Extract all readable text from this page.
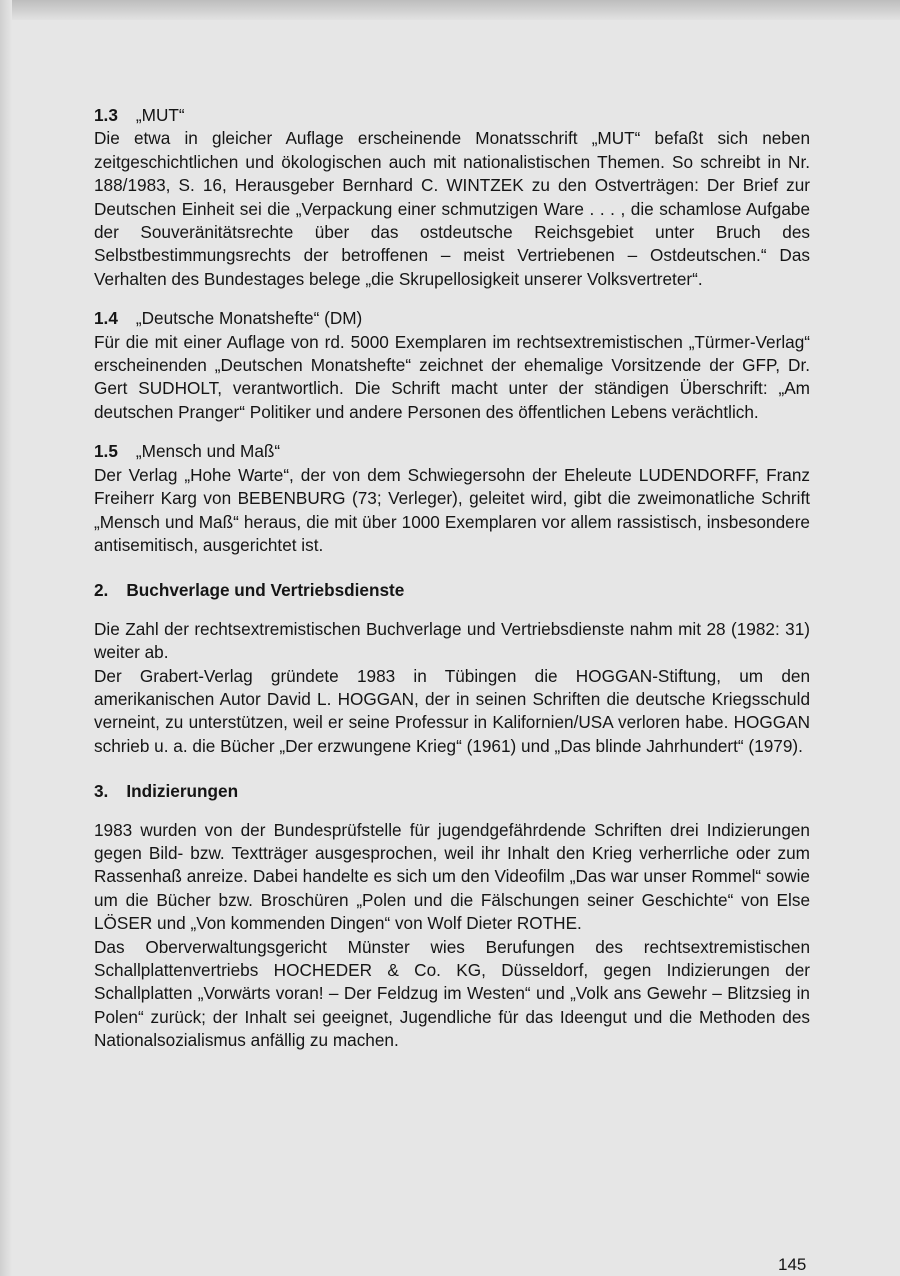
1.3 „MUT“

Die etwa in gleicher Auflage erscheinende Monatsschrift „MUT“ befaßt sich neben zeitgeschichtlichen und ökologischen auch mit nationalistischen Themen. So schreibt in Nr. 188/1983, S. 16, Herausgeber Bernhard C. WINTZEK zu den Ostverträgen: Der Brief zur Deutschen Einheit sei die „Verpackung einer schmutzigen Ware . . . , die schamlose Aufgabe der Souveränitätsrechte über das ostdeutsche Reichsgebiet unter Bruch des Selbstbestimmungsrechts der betroffenen – meist Vertriebenen – Ostdeutschen.“ Das Verhalten des Bundestages belege „die Skrupellosigkeit unserer Volksvertreter“.

1.4 „Deutsche Monatshefte“ (DM)

Für die mit einer Auflage von rd. 5000 Exemplaren im rechtsextremistischen „Türmer-Verlag“ erscheinenden „Deutschen Monatshefte“ zeichnet der ehemalige Vorsitzende der GFP, Dr. Gert SUDHOLT, verantwortlich. Die Schrift macht unter der ständigen Überschrift: „Am deutschen Pranger“ Politiker und andere Personen des öffentlichen Lebens verächtlich.

1.5 „Mensch und Maß“

Der Verlag „Hohe Warte“, der von dem Schwiegersohn der Eheleute LUDENDORFF, Franz Freiherr Karg von BEBENBURG (73; Verleger), geleitet wird, gibt die zweimonatliche Schrift „Mensch und Maß“ heraus, die mit über 1000 Exemplaren vor allem rassistisch, insbesondere antisemitisch, ausgerichtet ist.

2. Buchverlage und Vertriebsdienste

Die Zahl der rechtsextremistischen Buchverlage und Vertriebsdienste nahm mit 28 (1982: 31) weiter ab.

Der Grabert-Verlag gründete 1983 in Tübingen die HOGGAN-Stiftung, um den amerikanischen Autor David L. HOGGAN, der in seinen Schriften die deutsche Kriegsschuld verneint, zu unterstützen, weil er seine Professur in Kalifornien/USA verloren habe. HOGGAN schrieb u. a. die Bücher „Der erzwungene Krieg“ (1961) und „Das blinde Jahrhundert“ (1979).

3. Indizierungen

1983 wurden von der Bundesprüfstelle für jugendgefährdende Schriften drei Indizierungen gegen Bild- bzw. Textträger ausgesprochen, weil ihr Inhalt den Krieg verherrliche oder zum Rassenhaß anreize. Dabei handelte es sich um den Videofilm „Das war unser Rommel“ sowie um die Bücher bzw. Broschüren „Polen und die Fälschungen seiner Geschichte“ von Else LÖSER und „Von kommenden Dingen“ von Wolf Dieter ROTHE.

Das Oberverwaltungsgericht Münster wies Berufungen des rechtsextremistischen Schallplattenvertriebs HOCHEDER & Co. KG, Düsseldorf, gegen Indizierungen der Schallplatten „Vorwärts voran! – Der Feldzug im Westen“ und „Volk ans Gewehr – Blitzsieg in Polen“ zurück; der Inhalt sei geeignet, Jugendliche für das Ideengut und die Methoden des Nationalsozialismus anfällig zu machen.

145
